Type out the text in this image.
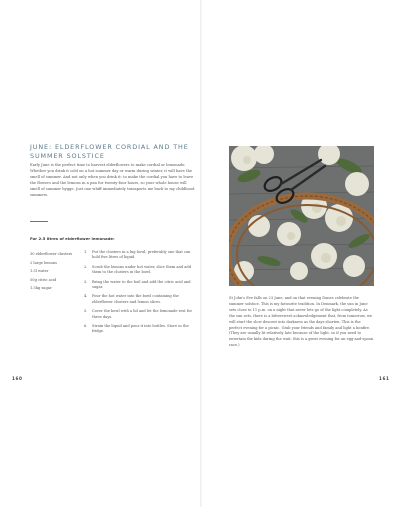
JUNE: ELDERFLOWER CORDIAL AND THE SUMMER SOLSTICE

Early June is the perfect time to harvest elderflowers to make cordial or lemonade. Whether you drink it cold on a hot summer day or warm during winter, it will have the smell of summer. And not only when you drink it: to make the cordial you have to leave the flowers and the lemons in a pan for twenty-four hours, so your whole house will smell of summer hygge. Just one whiff immediately transports me back to my childhood summers.

For 2.5 litres of elderflower lemonade:

30 elderflower clusters
2 large lemons
1.5l water
50g citric acid
1.5kg sugar
1. Put the clusters in a big bowl, preferably one that can hold five litres of liquid.
2. Scrub the lemons under hot water, slice them and add them to the clusters in the bowl.
3. Bring the water to the boil and add the citric acid and sugar.
4. Pour the hot water into the bowl containing the elderflower clusters and lemon slices.
5. Cover the bowl with a lid and let the lemonade rest for three days.
6. Strain the liquid and pour it into bottles. Store in the fridge.
160

St John's Eve falls on 23 June, and on that evening Danes celebrate the summer solstice. This is my favourite tradition. In Denmark, the sun in June sets close to 11 p.m. on a night that never lets go of the light completely. As the sun sets, there is a bittersweet acknowledgement that, from tomorrow, we will start the slow descent into darkness as the days shorten. This is the perfect evening for a picnic. Grab your friends and family and light a bonfire. (They are usually lit relatively late because of the light, so if you need to entertain the kids during the wait, this is a great evening for an egg-and-spoon race.)

161
